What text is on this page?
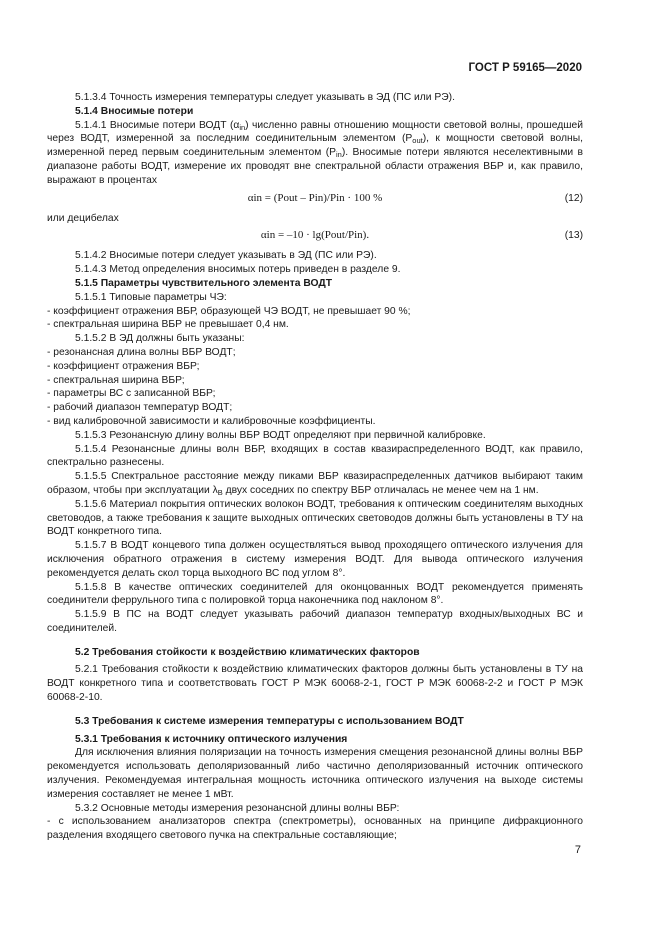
ГОСТ Р 59165—2020

5.1.3.4 Точность измерения температуры следует указывать в ЭД (ПС или РЭ).

5.1.4 Вносимые потери

5.1.4.1 Вносимые потери ВОДТ $(\alpha_{in})$ численно равны отношению мощности световой волны, прошедшей через ВОДТ, измеренной за последним соединительным элементом $(P_{out})$, к мощности световой волны, измеренной перед первым соединительным элементом $(P_{in})$. Вносимые потери являются неселективными в диапазоне работы ВОДТ, измерение их проводят вне спектральной области отражения ВБР и, как правило, выражают в процентах

αin = (Pout – Pin)/Pin · 100 %	(12)

или децибелах

αin = –10 · lg(Pout/Pin).	(13)

5.1.4.2 Вносимые потери следует указывать в ЭД (ПС или РЭ).

5.1.4.3 Метод определения вносимых потерь приведен в разделе 9.

5.1.5 Параметры чувствительного элемента ВОДТ

5.1.5.1 Типовые параметры ЧЭ:

- коэффициент отражения ВБР, образующей ЧЭ ВОДТ, не превышает 90 %;

- спектральная ширина ВБР не превышает 0,4 нм.

5.1.5.2 В ЭД должны быть указаны:

- резонансная длина волны ВБР ВОДТ;

- коэффициент отражения ВБР;

- спектральная ширина ВБР;

- параметры ВС с записанной ВБР;

- рабочий диапазон температур ВОДТ;

- вид калибровочной зависимости и калибровочные коэффициенты.

5.1.5.3 Резонансную длину волны ВБР ВОДТ определяют при первичной калибровке.

5.1.5.4 Резонансные длины волн ВБР, входящих в состав квазираспределенного ВОДТ, как правило, спектрально разнесены.

5.1.5.5 Спектральное расстояние между пиками ВБР квазираспределенных датчиков выбирают таким образом, чтобы при эксплуатации $\lambda_B$ двух соседних по спектру ВБР отличалась не менее чем на 1 нм.

5.1.5.6 Материал покрытия оптических волокон ВОДТ, требования к оптическим соединителям выходных световодов, а также требования к защите выходных оптических световодов должны быть установлены в ТУ на ВОДТ конкретного типа.

5.1.5.7 В ВОДТ концевого типа должен осуществляться вывод проходящего оптического излучения для исключения обратного отражения в систему измерения ВОДТ. Для вывода оптического излучения рекомендуется делать скол торца выходного ВС под углом 8°.

5.1.5.8 В качестве оптических соединителей для оконцованных ВОДТ рекомендуется применять соединители феррульного типа с полировкой торца наконечника под наклоном 8°.

5.1.5.9 В ПС на ВОДТ следует указывать рабочий диапазон температур входных/выходных ВС и соединителей.

5.2 Требования стойкости к воздействию климатических факторов

5.2.1 Требования стойкости к воздействию климатических факторов должны быть установлены в ТУ на ВОДТ конкретного типа и соответствовать ГОСТ Р МЭК 60068-2-1, ГОСТ Р МЭК 60068-2-2 и ГОСТ Р МЭК 60068-2-10.

5.3 Требования к системе измерения температуры с использованием ВОДТ

5.3.1 Требования к источнику оптического излучения

Для исключения влияния поляризации на точность измерения смещения резонансной длины волны ВБР рекомендуется использовать деполяризованный либо частично деполяризованный источник оптического излучения. Рекомендуемая интегральная мощность источника оптического излучения на выходе системы измерения составляет не менее 1 мВт.

5.3.2 Основные методы измерения резонансной длины волны ВБР:

- с использованием анализаторов спектра (спектрометры), основанных на принципе дифракционного разделения входящего светового пучка на спектральные составляющие;

7
